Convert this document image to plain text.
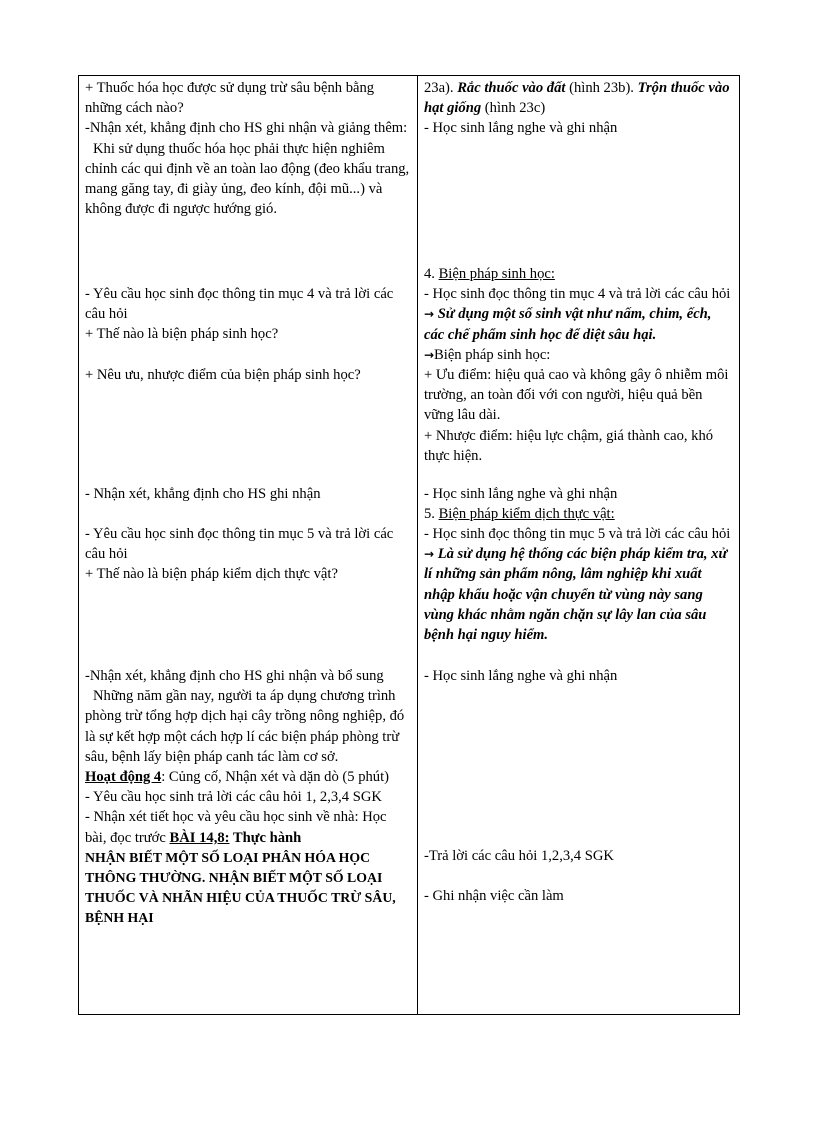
+ Thuốc hóa học được sử dụng trừ sâu bệnh bằng những cách nào?

-Nhận xét, khẳng định cho HS ghi nhận và giảng thêm:

Khi sử dụng thuốc hóa học phải thực hiện nghiêm chỉnh các qui định về an toàn lao động (đeo khẩu trang, mang găng tay, đi giày ủng, đeo kính, đội mũ...) và không được đi ngược hướng gió.

23a). Rắc thuốc vào đất (hình 23b). Trộn thuốc vào hạt giống (hình 23c)

- Học sinh lắng nghe và ghi nhận

- Yêu cầu học sinh đọc thông tin mục 4 và trả lời các câu hỏi

+ Thế nào là biện pháp sinh học?

+ Nêu ưu, nhược điểm của biện pháp sinh học?

4. Biện pháp sinh học:

- Học sinh đọc thông tin mục 4 và trả lời các câu hỏi

→ Sử dụng một số sinh vật như nấm, chim, ếch, các chế phẩm sinh học để diệt sâu hại.

→Biện pháp sinh học:

+ Ưu điểm: hiệu quả cao và không gây ô nhiễm môi trường, an toàn đối với con người, hiệu quả bền vững lâu dài.

+ Nhược điểm: hiệu lực chậm, giá thành cao, khó thực hiện.

- Nhận xét, khẳng định cho HS ghi nhận	- Học sinh lắng nghe và ghi nhận

5. Biện pháp kiểm dịch thực vật:

- Yêu cầu học sinh đọc thông tin mục 5 và trả lời các câu hỏi

+ Thế nào là biện pháp kiểm dịch thực vật?

- Học sinh đọc thông tin mục 5 và trả lời các câu hỏi

→ Là sử dụng hệ thống các biện pháp kiểm tra, xử lí những sản phẩm nông, lâm nghiệp khi xuất nhập khẩu hoặc vận chuyển từ vùng này sang vùng khác nhằm ngăn chặn sự lây lan của sâu bệnh hại nguy hiểm.

-Nhận xét, khẳng định cho HS ghi nhận và bổ sung

Những năm gần nay, người ta áp dụng chương trình phòng trừ tổng hợp dịch hại cây trồng nông nghiệp, đó là sự kết hợp một cách hợp lí các biện pháp phòng trừ sâu, bệnh lấy biện pháp canh tác làm cơ sở.

Hoạt động 4: Củng cố, Nhận xét và dặn dò (5 phút)

- Yêu cầu học sinh trả lời các câu hỏi 1, 2,3,4 SGK

- Nhận xét tiết học và yêu cầu học sinh về nhà: Học bài, đọc trước BÀI 14,8: Thực hành

NHẬN BIẾT MỘT SỐ LOẠI PHÂN HÓA HỌC THÔNG THƯỜNG. NHẬN BIẾT MỘT SỐ LOẠI THUỐC VÀ NHÃN HIỆU CỦA THUỐC TRỪ SÂU, BỆNH HẠI

- Học sinh lắng nghe và ghi nhận

-Trả lời các câu hỏi 1,2,3,4 SGK

- Ghi nhận việc cần làm
